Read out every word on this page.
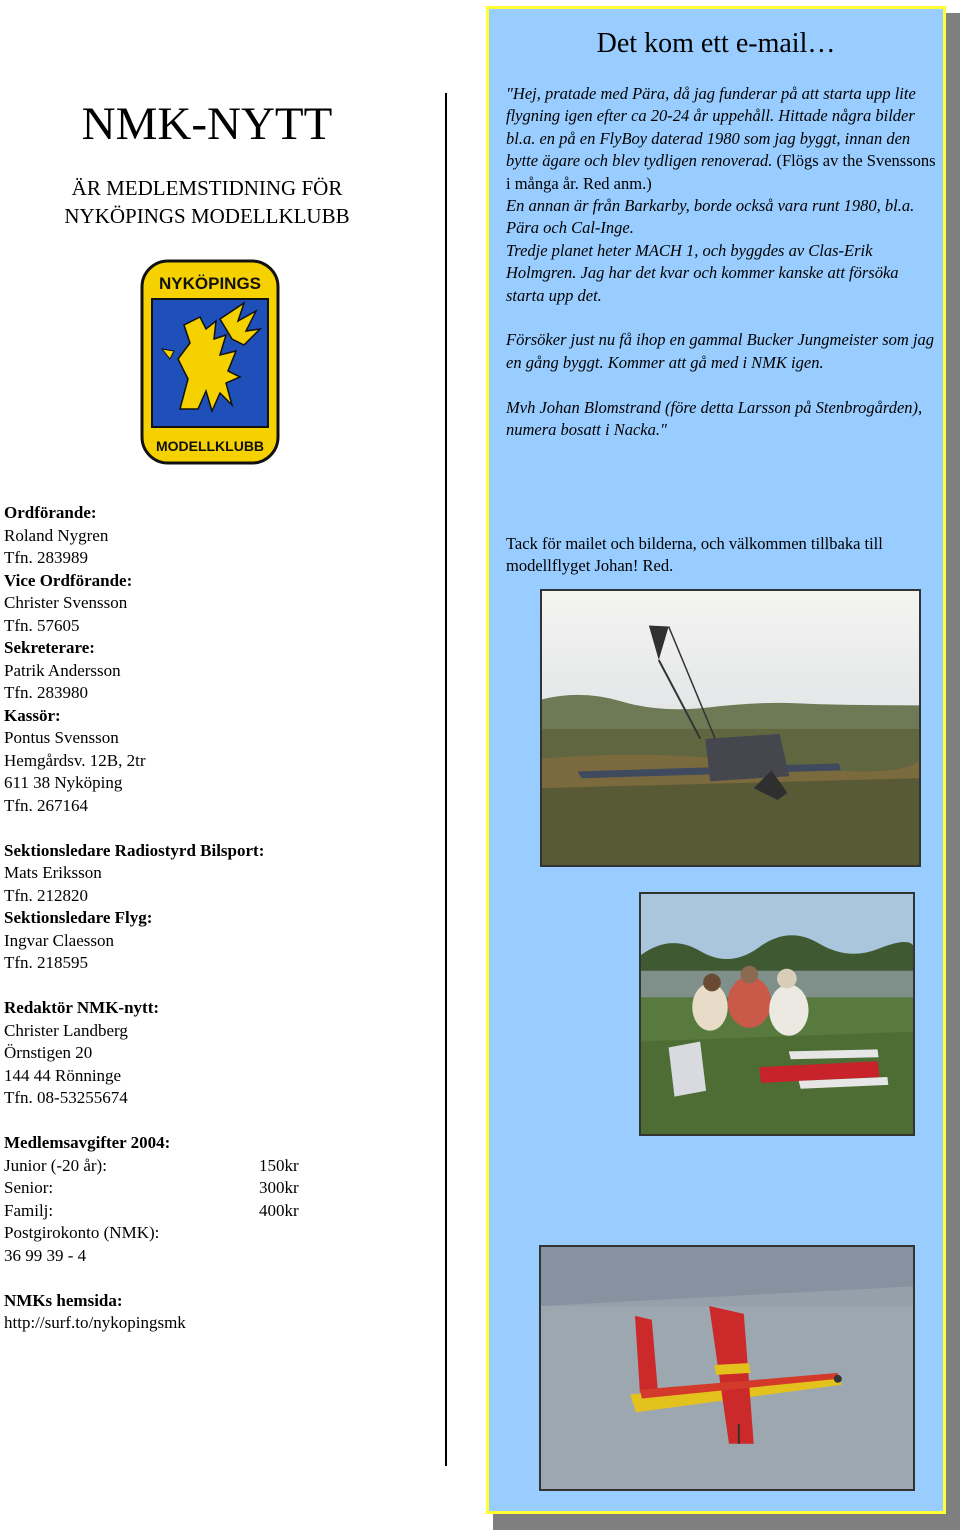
NMK-NYTT
ÄR MEDLEMSTIDNING FÖR
NYKÖPINGS MODELLKLUBB
NYKÖPINGS
MODELLKLUBB
Ordförande:
Roland Nygren
Tfn. 283989
Vice Ordförande:
Christer Svensson
Tfn. 57605
Sekreterare:
Patrik Andersson
Tfn. 283980
Kassör:
Pontus Svensson
Hemgårdsv. 12B, 2tr
611 38 Nyköping
Tfn. 267164
Sektionsledare Radiostyrd Bilsport:
Mats Eriksson
Tfn. 212820
Sektionsledare Flyg:
Ingvar Claesson
Tfn. 218595
Redaktör NMK-nytt:
Christer Landberg
Örnstigen 20
144 44 Rönninge
Tfn. 08-53255674
Medlemsavgifter 2004:
Junior (-20 år):	150kr
Senior:	300kr
Familj:	400kr
Postgirokonto (NMK):
36 99 39 - 4
NMKs hemsida:
http://surf.to/nykopingsmk
Det kom ett e-mail…

"Hej, pratade med Pära, då jag funderar på att starta upp lite flygning igen efter ca 20-24 år uppehåll. Hittade några bilder bl.a. en på en FlyBoy daterad 1980 som jag byggt, innan den bytte ägare och blev tydligen renoverad. (Flögs av the Svenssons i många år. Red anm.)

En annan är från Barkarby, borde också vara runt 1980, bl.a. Pära och Cal-Inge.

Tredje planet heter MACH 1, och byggdes av Clas-Erik Holmgren. Jag har det kvar och kommer kanske att försöka starta upp det.

Försöker just nu få ihop en gammal Bucker Jungmeister som jag en gång byggt. Kommer att gå med i NMK igen.

Mvh Johan Blomstrand (före detta Larsson på Stenbrogården), numera bosatt i Nacka."

Tack för mailet och bilderna, och välkommen tillbaka till modellflyget Johan! Red.
